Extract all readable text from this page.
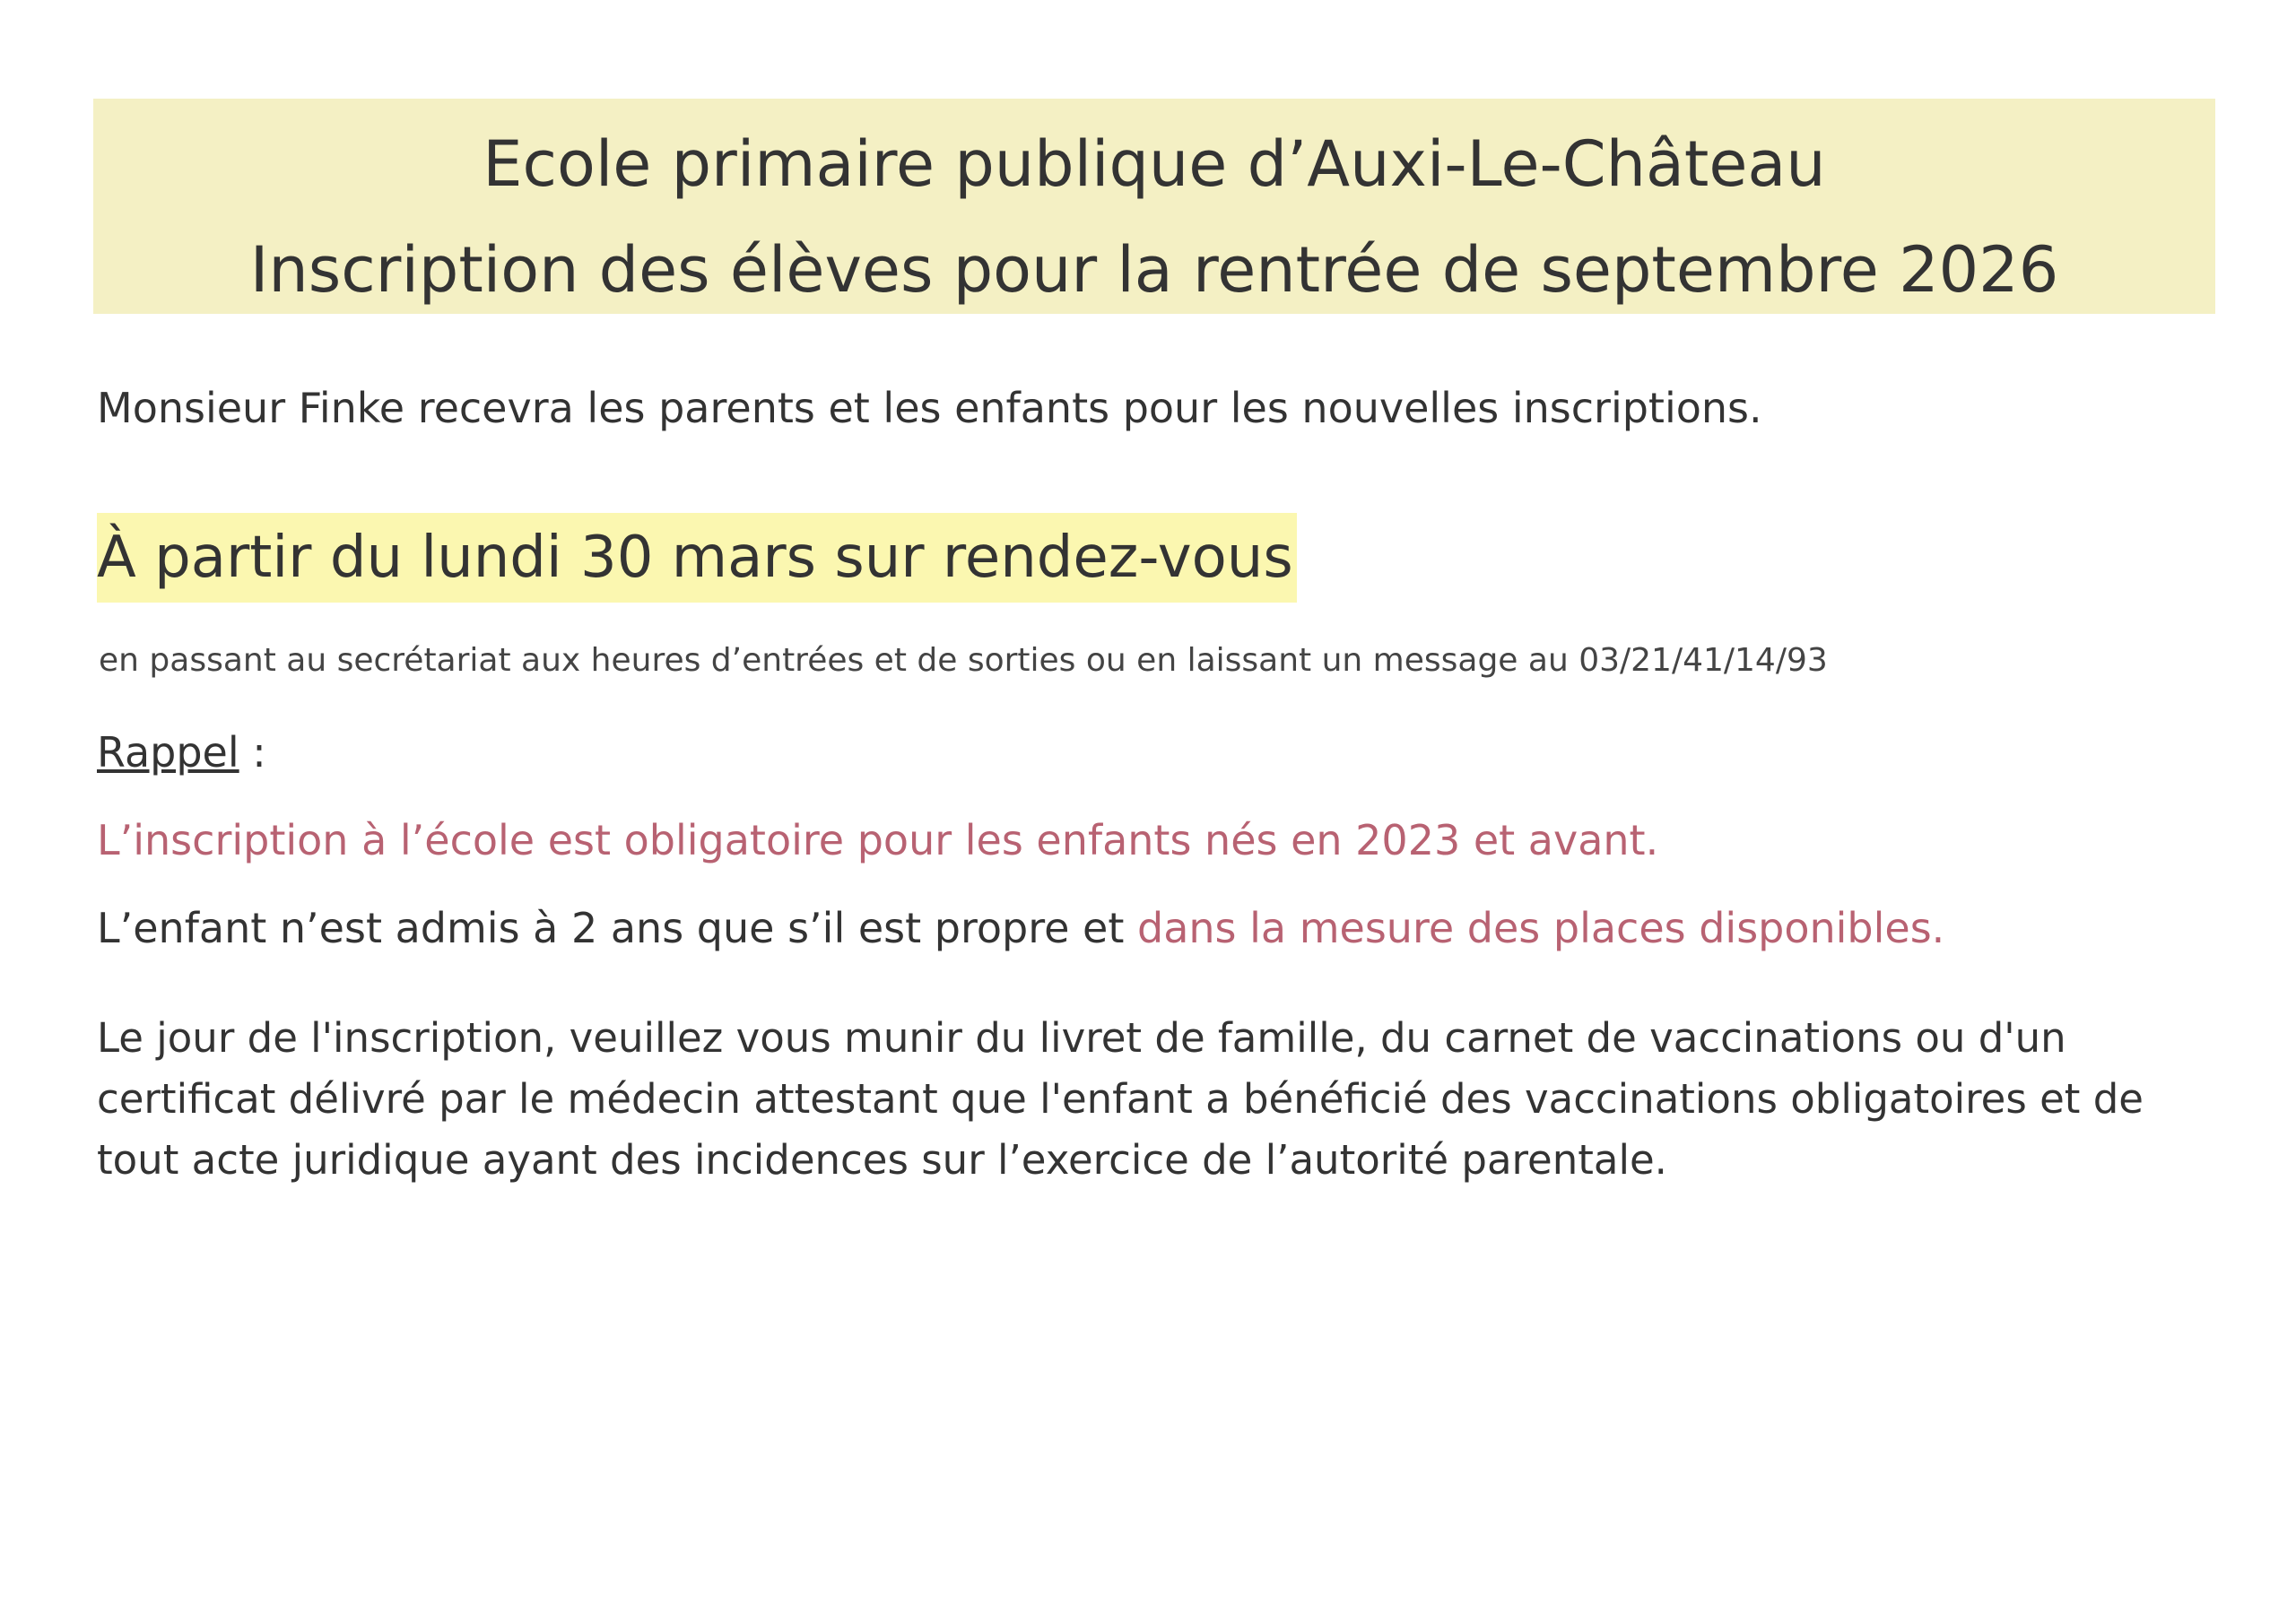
Ecole primaire publique d’Auxi-Le-Château
Inscription des élèves pour la rentrée de septembre 2026
Monsieur Finke recevra les parents et les enfants pour les nouvelles inscriptions.
À partir du lundi 30 mars sur rendez-vous
en passant au secrétariat aux heures d’entrées et de sorties ou en laissant un message au 03/21/41/14/93
Rappel :
L’inscription à l’école est obligatoire pour les enfants nés en 2023 et avant.
L’enfant n’est admis à 2 ans que s’il est propre et dans la mesure des places disponibles.
Le jour de l'inscription, veuillez vous munir du livret de famille, du carnet de vaccinations ou d'un
certificat délivré par le médecin attestant que l'enfant a bénéficié des vaccinations obligatoires et de
tout acte juridique ayant des incidences sur l’exercice de l’autorité parentale.
